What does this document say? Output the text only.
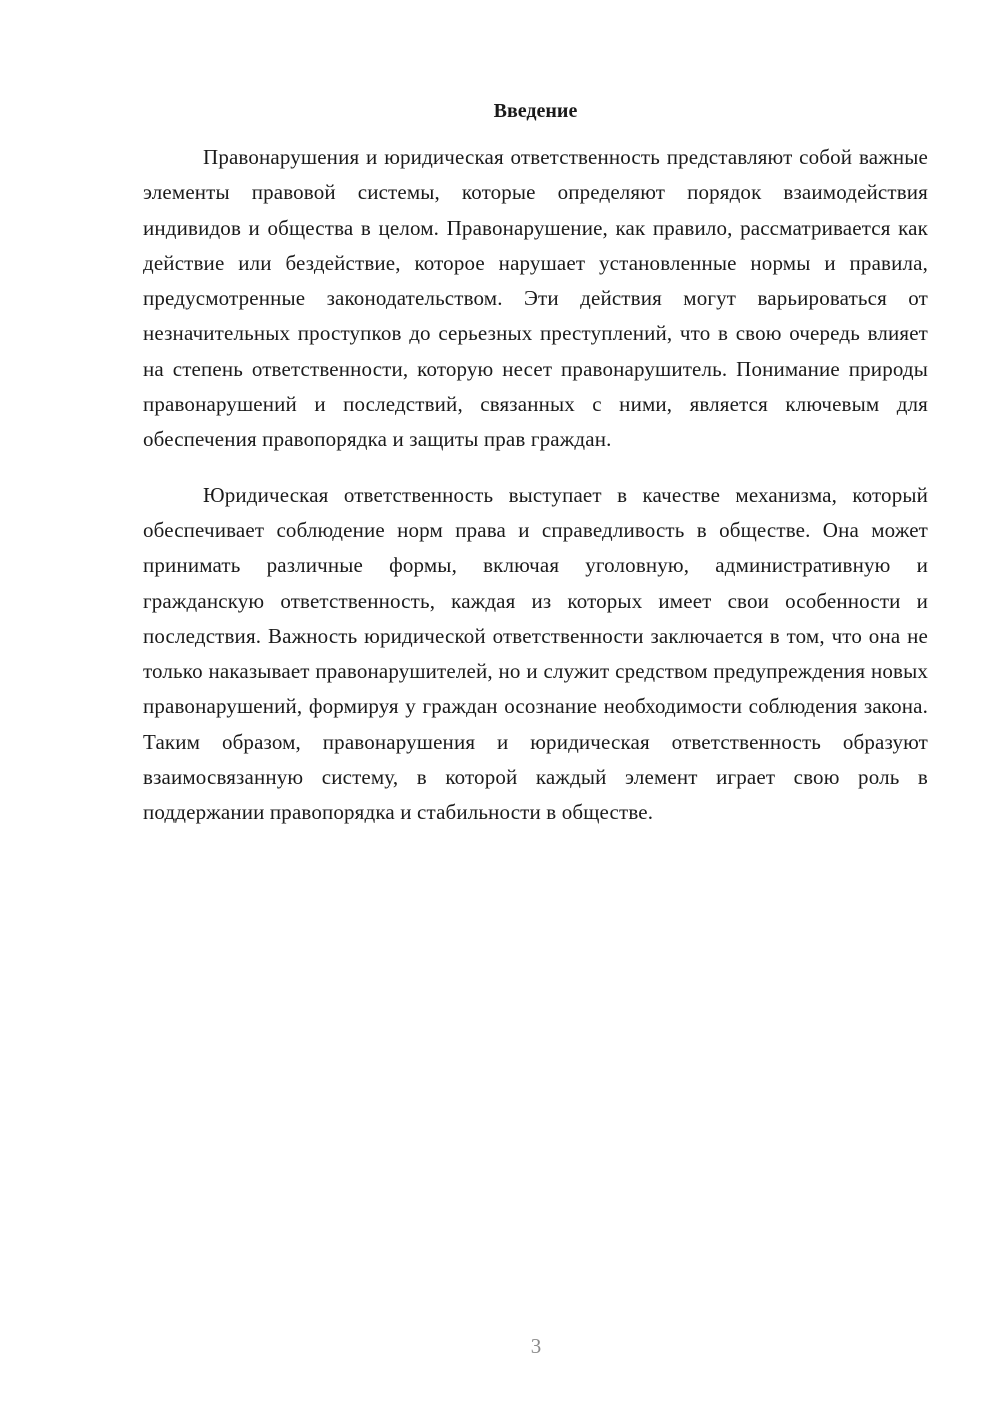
Введение

Правонарушения и юридическая ответственность представляют собой важные элементы правовой системы, которые определяют порядок взаимодействия индивидов и общества в целом. Правонарушение, как правило, рассматривается как действие или бездействие, которое нарушает установленные нормы и правила, предусмотренные законодательством. Эти действия могут варьироваться от незначительных проступков до серьезных преступлений, что в свою очередь влияет на степень ответственности, которую несет правонарушитель. Понимание природы правонарушений и последствий, связанных с ними, является ключевым для обеспечения правопорядка и защиты прав граждан.

Юридическая ответственность выступает в качестве механизма, который обеспечивает соблюдение норм права и справедливость в обществе. Она может принимать различные формы, включая уголовную, административную и гражданскую ответственность, каждая из которых имеет свои особенности и последствия. Важность юридической ответственности заключается в том, что она не только наказывает правонарушителей, но и служит средством предупреждения новых правонарушений, формируя у граждан осознание необходимости соблюдения закона. Таким образом, правонарушения и юридическая ответственность образуют взаимосвязанную систему, в которой каждый элемент играет свою роль в поддержании правопорядка и стабильности в обществе.

3
